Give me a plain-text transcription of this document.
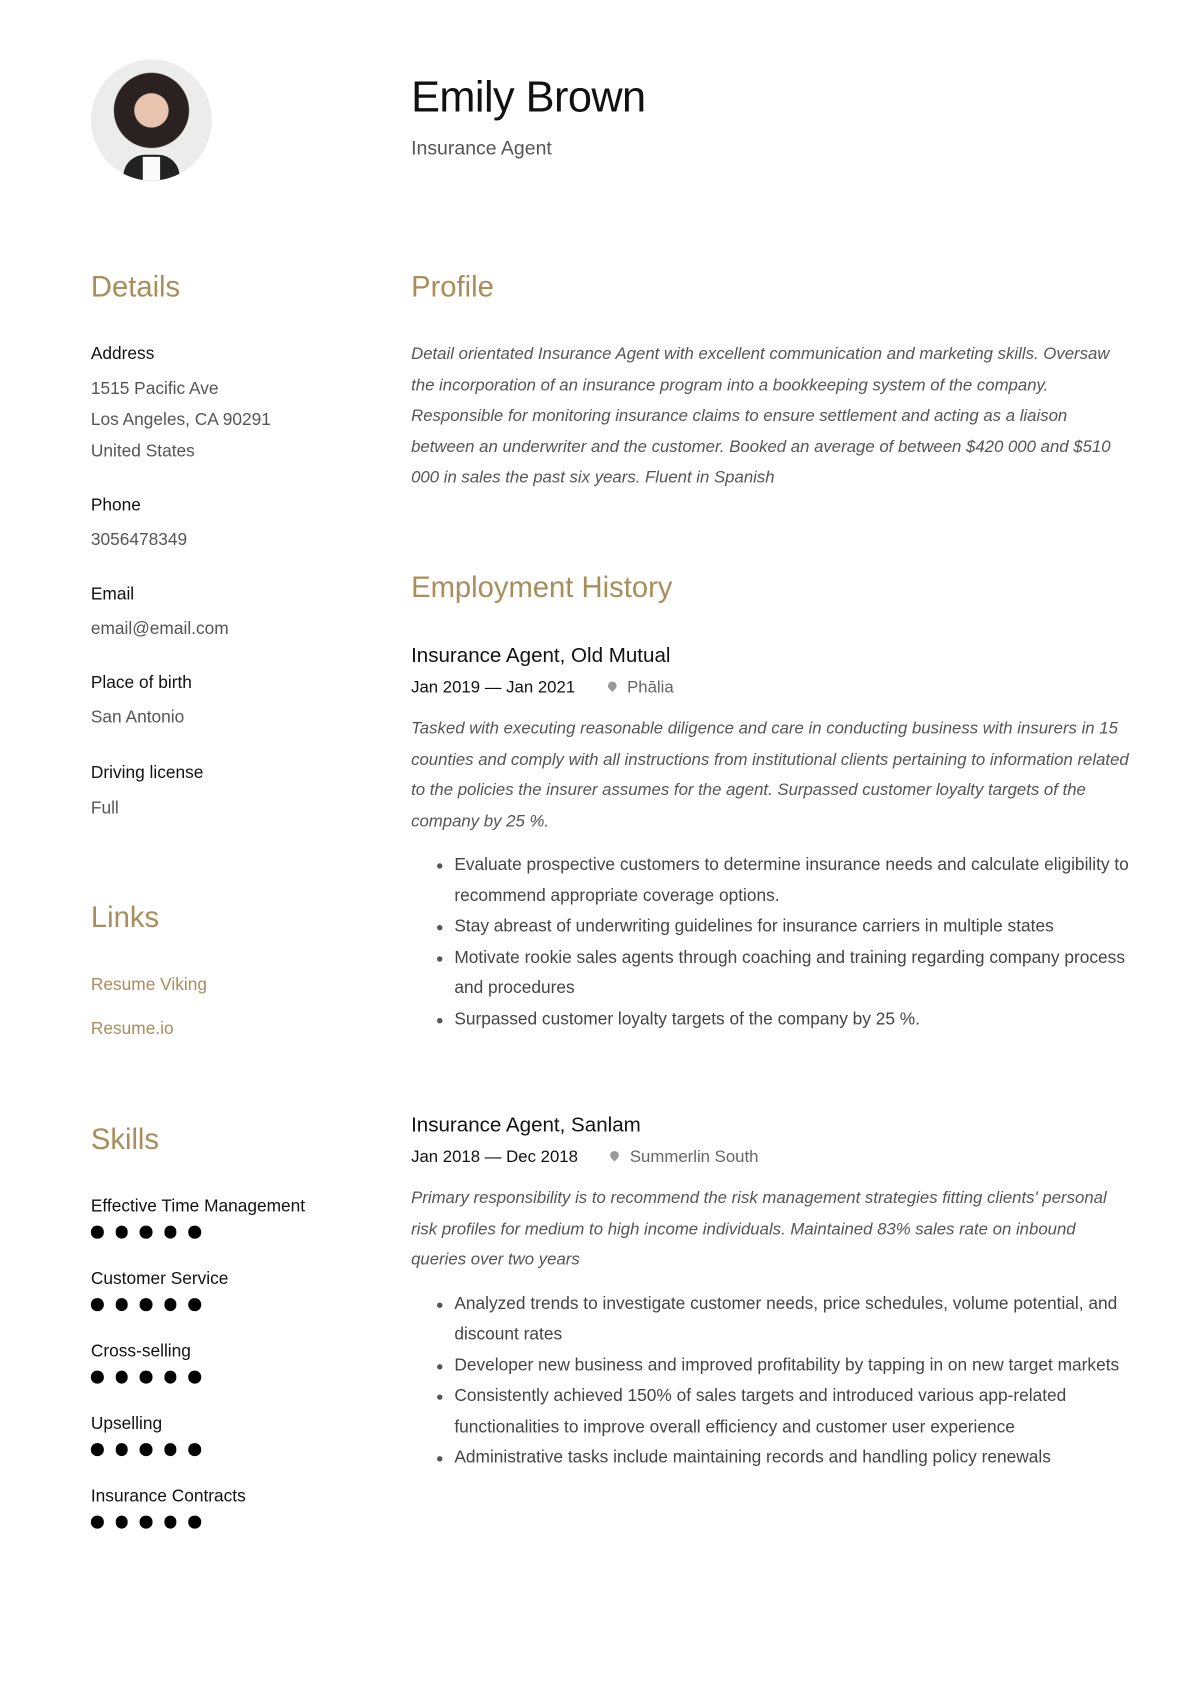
Emily Brown
Insurance Agent
Details
Address
1515 Pacific Ave
Los Angeles, CA 90291
United States
Phone
3056478349
Email
email@email.com
Place of birth
San Antonio
Driving license
Full
Links
Resume Viking
Resume.io
Skills
Effective Time Management
Customer Service
Cross-selling
Upselling
Insurance Contracts
Profile
Detail orientated Insurance Agent with excellent communication and marketing skills. Oversaw the incorporation of an insurance program into a bookkeeping system of the company. Responsible for monitoring insurance claims to ensure settlement and acting as a liaison between an underwriter and the customer. Booked an average of between $420 000 and $510 000 in sales the past six years. Fluent in Spanish
Employment History
Insurance Agent, Old Mutual
Jan 2019 — Jan 2021	Phālia
Tasked with executing reasonable diligence and care in conducting business with insurers in 15 counties and comply with all instructions from institutional clients pertaining to information related to the policies the insurer assumes for the agent. Surpassed customer loyalty targets of the company by 25 %.
Evaluate prospective customers to determine insurance needs and calculate eligibility to recommend appropriate coverage options.
Stay abreast of underwriting guidelines for insurance carriers in multiple states
Motivate rookie sales agents through coaching and training regarding company process and procedures
Surpassed customer loyalty targets of the company by 25 %.
Insurance Agent, Sanlam
Jan 2018 — Dec 2018	Summerlin South
Primary responsibility is to recommend the risk management strategies fitting clients' personal risk profiles for medium to high income individuals. Maintained 83% sales rate on inbound queries over two years
Analyzed trends to investigate customer needs, price schedules, volume potential, and discount rates
Developer new business and improved profitability by tapping in on new target markets
Consistently achieved 150% of sales targets and introduced various app-related functionalities to improve overall efficiency and customer user experience
Administrative tasks include maintaining records and handling policy renewals
